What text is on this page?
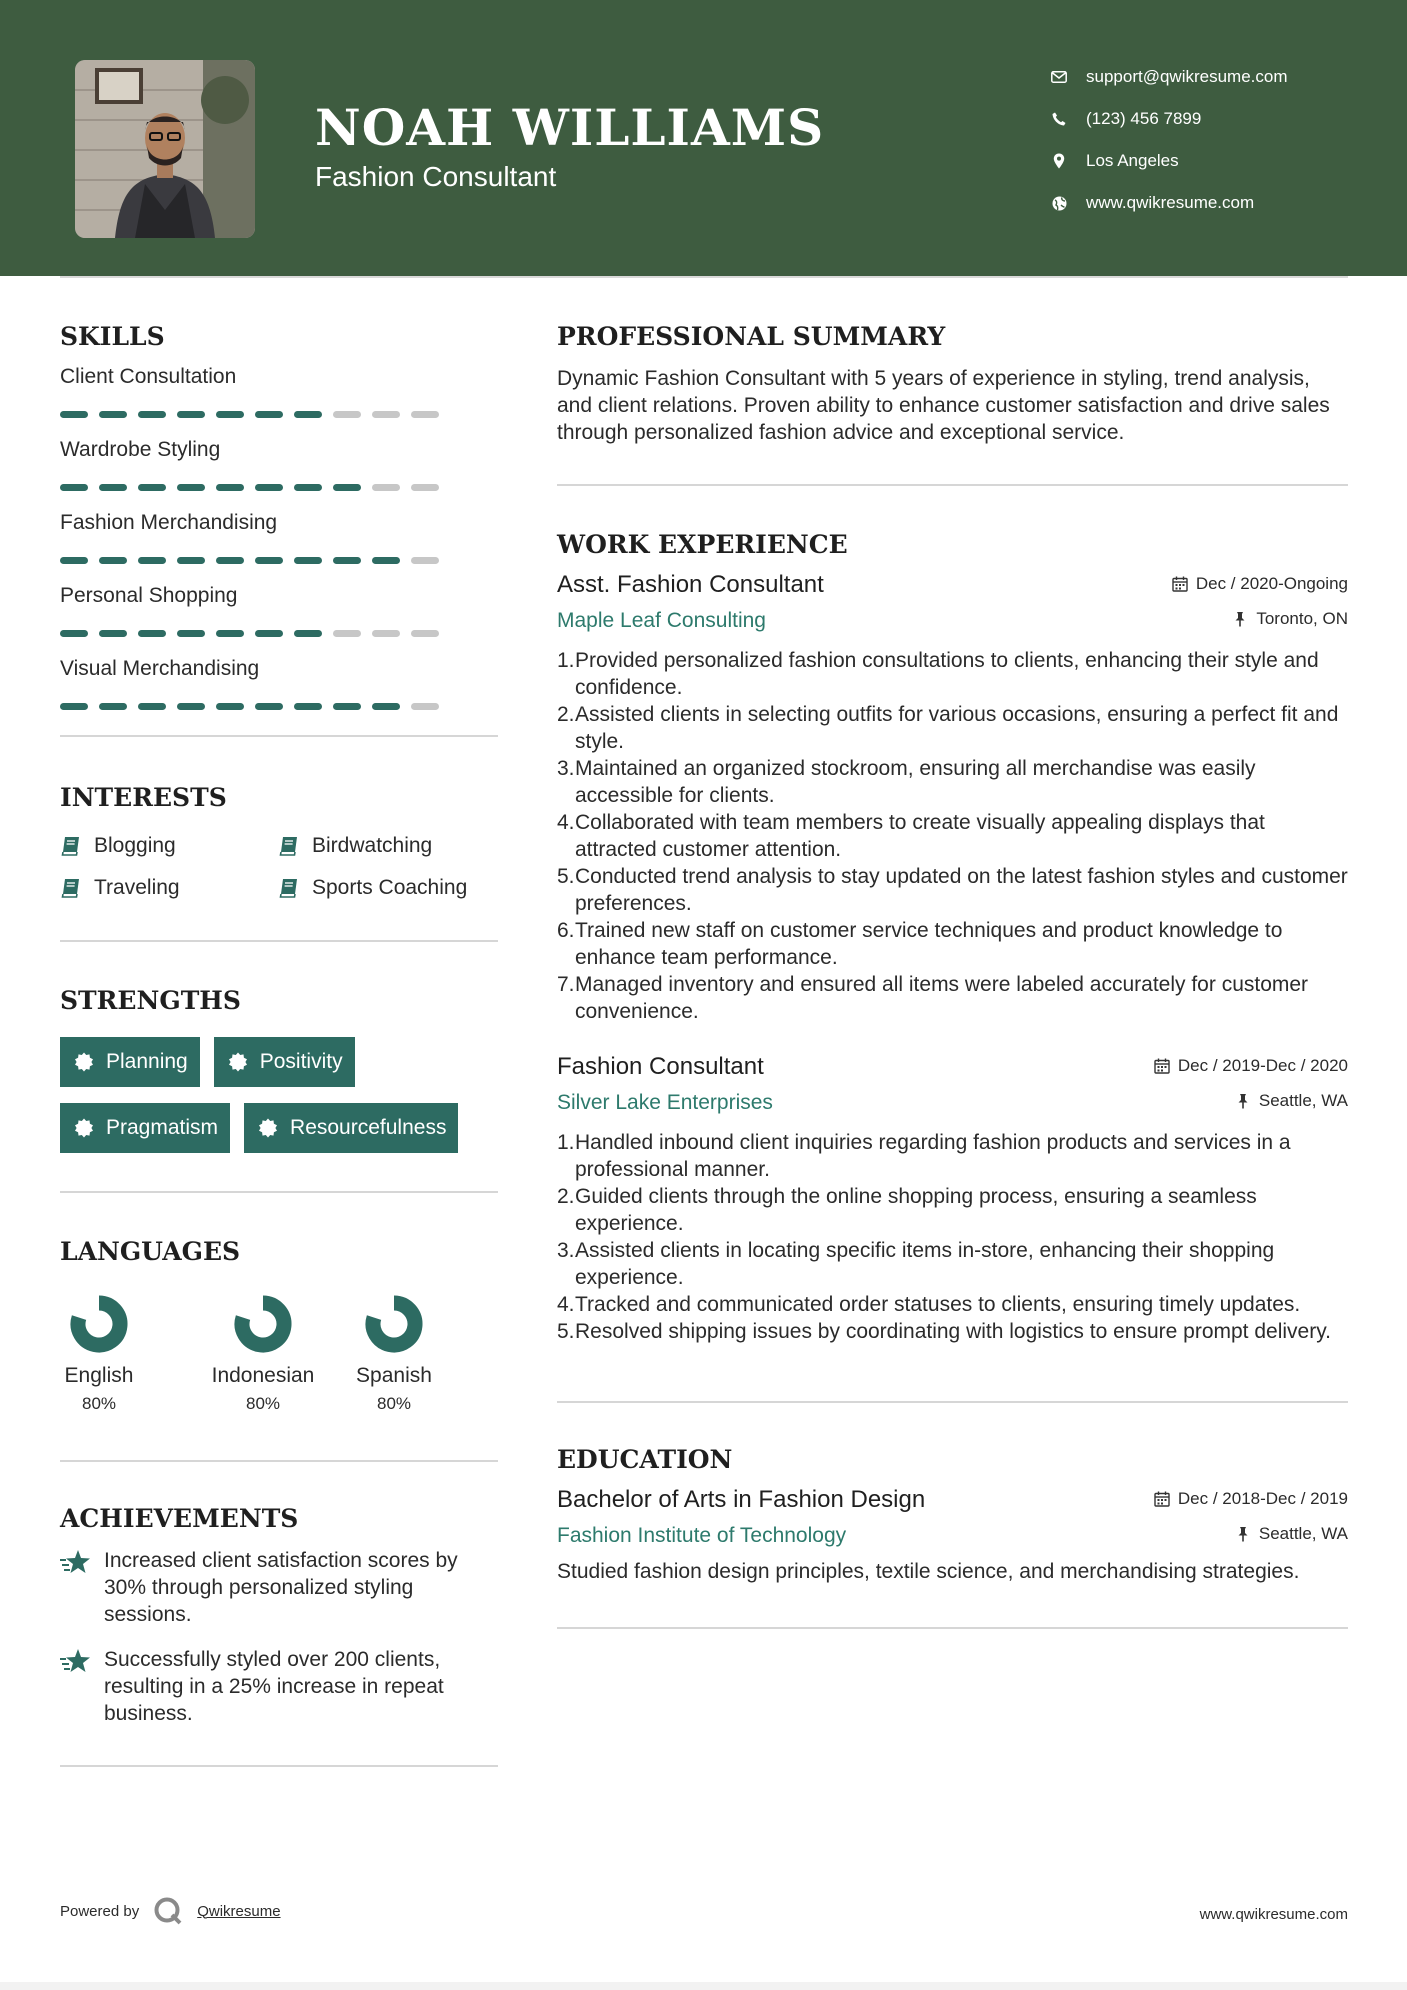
NOAH WILLIAMS
Fashion Consultant
support@qwikresume.com
(123) 456 7899
Los Angeles
www.qwikresume.com
SKILLS
Client Consultation
Wardrobe Styling
Fashion Merchandising
Personal Shopping
Visual Merchandising
INTERESTS
Blogging	Birdwatching
Traveling	Sports Coaching
STRENGTHS
Planning	Positivity
Pragmatism	Resourcefulness
LANGUAGES
English
80%
Indonesian
80%
Spanish
80%
ACHIEVEMENTS
Increased client satisfaction scores by 30% through personalized styling sessions.
Successfully styled over 200 clients, resulting in a 25% increase in repeat business.
PROFESSIONAL SUMMARY
Dynamic Fashion Consultant with 5 years of experience in styling, trend analysis, and client relations. Proven ability to enhance customer satisfaction and drive sales through personalized fashion advice and exceptional service.
WORK EXPERIENCE
Asst. Fashion Consultant	Dec / 2020-Ongoing
Maple Leaf Consulting	Toronto, ON
1.Provided personalized fashion consultations to clients, enhancing their style and confidence.
2.Assisted clients in selecting outfits for various occasions, ensuring a perfect fit and style.
3.Maintained an organized stockroom, ensuring all merchandise was easily accessible for clients.
4.Collaborated with team members to create visually appealing displays that attracted customer attention.
5.Conducted trend analysis to stay updated on the latest fashion styles and customer preferences.
6.Trained new staff on customer service techniques and product knowledge to enhance team performance.
7.Managed inventory and ensured all items were labeled accurately for customer convenience.
Fashion Consultant	Dec / 2019-Dec / 2020
Silver Lake Enterprises	Seattle, WA
1.Handled inbound client inquiries regarding fashion products and services in a professional manner.
2.Guided clients through the online shopping process, ensuring a seamless experience.
3.Assisted clients in locating specific items in-store, enhancing their shopping experience.
4.Tracked and communicated order statuses to clients, ensuring timely updates.
5.Resolved shipping issues by coordinating with logistics to ensure prompt delivery.
EDUCATION
Bachelor of Arts in Fashion Design	Dec / 2018-Dec / 2019
Fashion Institute of Technology	Seattle, WA
Studied fashion design principles, textile science, and merchandising strategies.
Powered by	Qwikresume	www.qwikresume.com
